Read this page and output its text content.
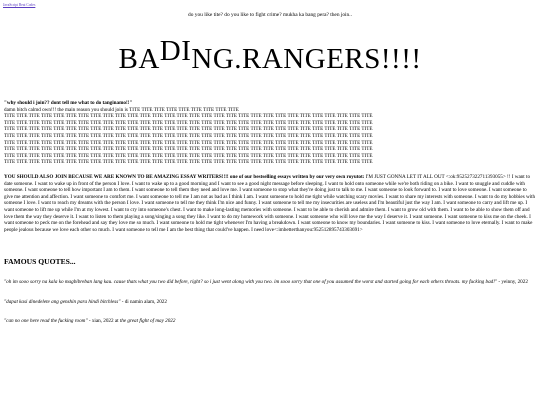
JavaScript Beat Codes
do you like tite? do you like to fight crime? mukha ka bang pera? then join..
BADING.RANGERS!!!!

"why should i join?? dont tell me what to do tanginamo!!"

damn bitch calmd own!!! the main reason you should join is TITE TITE TITE TITE TITE TITE TITE TITE TITE

TITE TITE TITE TITE TITE TITE TITE TITE TITE TITE TITE TITE TITE TITE TITE TITE TITE TITE TITE TITE TITE TITE TITE TITE TITE TITE TITE TITE TITE TITE

TITE TITE TITE TITE TITE TITE TITE TITE TITE TITE TITE TITE TITE TITE TITE TITE TITE TITE TITE TITE TITE TITE TITE TITE TITE TITE TITE TITE TITE TITE

TITE TITE TITE TITE TITE TITE TITE TITE TITE TITE TITE TITE TITE TITE TITE TITE TITE TITE TITE TITE TITE TITE TITE TITE TITE TITE TITE TITE TITE TITE

TITE TITE TITE TITE TITE TITE TITE TITE TITE TITE TITE TITE TITE TITE TITE TITE TITE TITE TITE TITE TITE TITE TITE TITE TITE TITE TITE TITE TITE TITE

TITE TITE TITE TITE TITE TITE TITE TITE TITE TITE TITE TITE TITE TITE TITE TITE TITE TITE TITE TITE TITE TITE TITE TITE TITE TITE TITE TITE TITE TITE

TITE TITE TITE TITE TITE TITE TITE TITE TITE TITE TITE TITE TITE TITE TITE TITE TITE TITE TITE TITE TITE TITE TITE TITE TITE TITE TITE TITE TITE TITE

TITE TITE TITE TITE TITE TITE TITE TITE TITE TITE TITE TITE TITE TITE TITE TITE TITE TITE TITE TITE TITE TITE TITE TITE TITE TITE TITE TITE TITE TITE

TITE TITE TITE TITE TITE TITE TITE TITE TITE TITE TITE TITE TITE TITE TITE TITE TITE TITE TITE TITE TITE TITE TITE TITE TITE TITE TITE TITE TITE TITE

YOU SHOULD ALSO JOIN BECAUSE WE ARE KNOWN TO BE AMAZING ESSAY WRITERS!!!! one of our bestselling essays written by our very own royutot: I'M JUST GONNA LET IT ALL OUT <:ok:952527322711393055> !! I want to date someone. I want to wake up in front of the person I love. I want to wake up to a good morning and I want to see a good night message before sleeping. I want to hold onto someone while we're both riding on a bike. I want to snuggle and cuddle with someone. I want someone to tell how important I am to them. I want someone to tell them they need and love me. I want someone to stop what they're doing just to talk to me. I want someone to look forward to. I want to love someone. I want someone to give me attention and affection. I want someone to comfort me. I want someone to tell me I am not as bad as I think I am. I want someone to hold me tight while watching scary movies. I want to share my interests with someone. I want to do my hobbies with someone I love. I want to reach my dreams with the person I love. I want someone to tell me they think I'm nice and funny. I want someone to tell me my insecurities are useless and I'm beautiful just the way I am. I want someone to carry and lift me up. I want someone to lift me up while I'm at my lowest. I want to cry into someone's chest. I want to make long-lasting memories with someone. I want to be able to cherish and admire them. I want to grow old with them. I want to be able to show them off and love them the way they deserve it. I want to listen to them playing a song/singing a song they like. I want to do my homework with someone. I want someone who will love me the way I deserve it. I want someone. I want someone to kiss me on the cheek. I want someone to peck me on the forehead and say they love me so much. I want someone to hold me tight whenever I'm having a breakdown. I want someone to know my boundaries. I want someone to kiss. I want someone to love eternally. I want to make people jealous because we love each other so much. I want someone to tell me I am the best thing that could've happen. I need love<:imbetterthanyou:952512895743303691>

FAMOUS QUOTES...

"oh im sooo sorry na kala ko magbibreban lang kau. cause thats what you two did before, right? so i just went along with you two. im sooo sorry that one of you assumed the worst and started going for each others throats. my fucking bad!" - yeinny, 2022

"dapat kasi dinedelete ang genshin para hindi bitchless" - di namin alam, 2022

"can no one here read the fucking room" - xian, 2022 at the great fight of may 2022
